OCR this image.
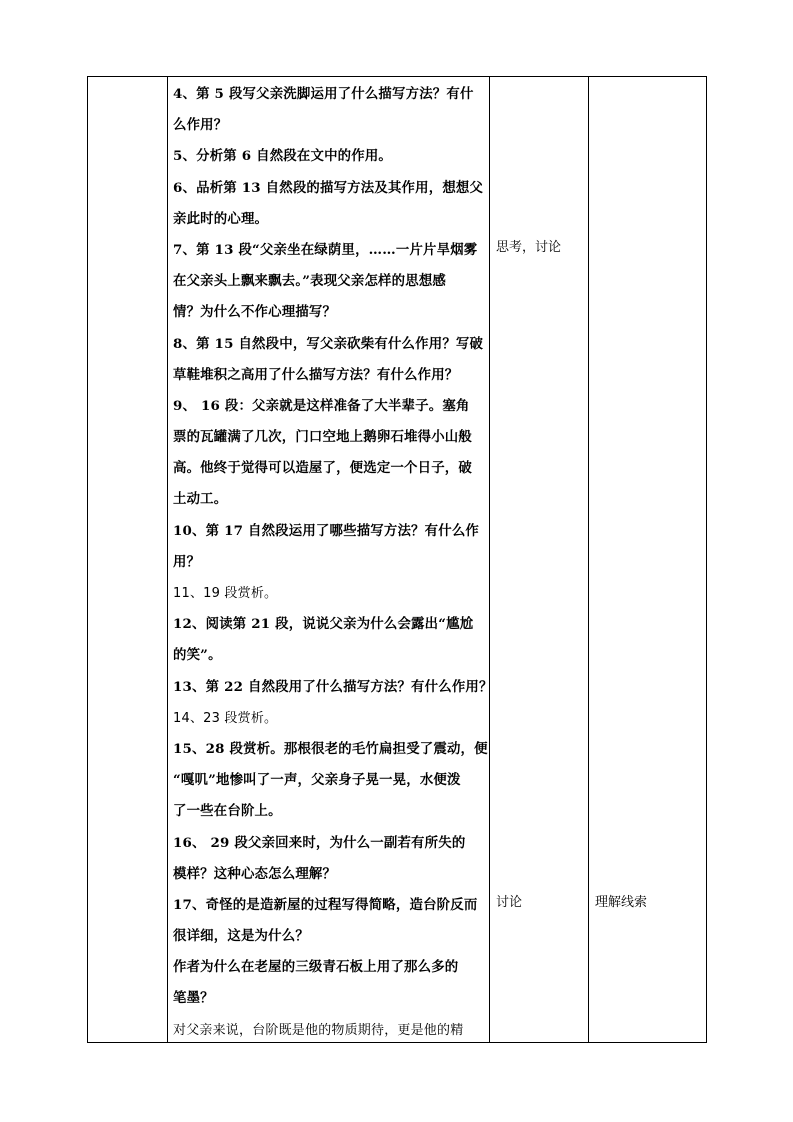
4、第 5 段写父亲洗脚运用了什么描写方法？有什
么作用？
5、分析第 6 自然段在文中的作用。
6、品析第 13 自然段的描写方法及其作用，想想父
亲此时的心理。
7、第 13 段“父亲坐在绿荫里，……一片片旱烟雾
在父亲头上飘来飘去。”表现父亲怎样的思想感
情？为什么不作心理描写？
8、第 15 自然段中，写父亲砍柴有什么作用？写破
草鞋堆积之高用了什么描写方法？有什么作用？
9、 16 段：父亲就是这样准备了大半辈子。塞角
票的瓦罐满了几次，门口空地上鹅卵石堆得小山般
高。他终于觉得可以造屋了，便选定一个日子，破
土动工。
10、第 17 自然段运用了哪些描写方法？有什么作
用？
11、19 段赏析。
12、阅读第 21 段，说说父亲为什么会露出“尴尬
的笑”。
13、第 22 自然段用了什么描写方法？有什么作用？
14、23 段赏析。
15、28 段赏析。那根很老的毛竹扁担受了震动，便
“嘎叽”地惨叫了一声，父亲身子晃一晃，水便泼
了一些在台阶上。
16、 29 段父亲回来时，为什么一副若有所失的
模样？这种心态怎么理解？
17、奇怪的是造新屋的过程写得简略，造台阶反而
很详细，这是为什么？
作者为什么在老屋的三级青石板上用了那么多的
笔墨？
对父亲来说，台阶既是他的物质期待，更是他的精
思考，讨论
讨论	理解线索
